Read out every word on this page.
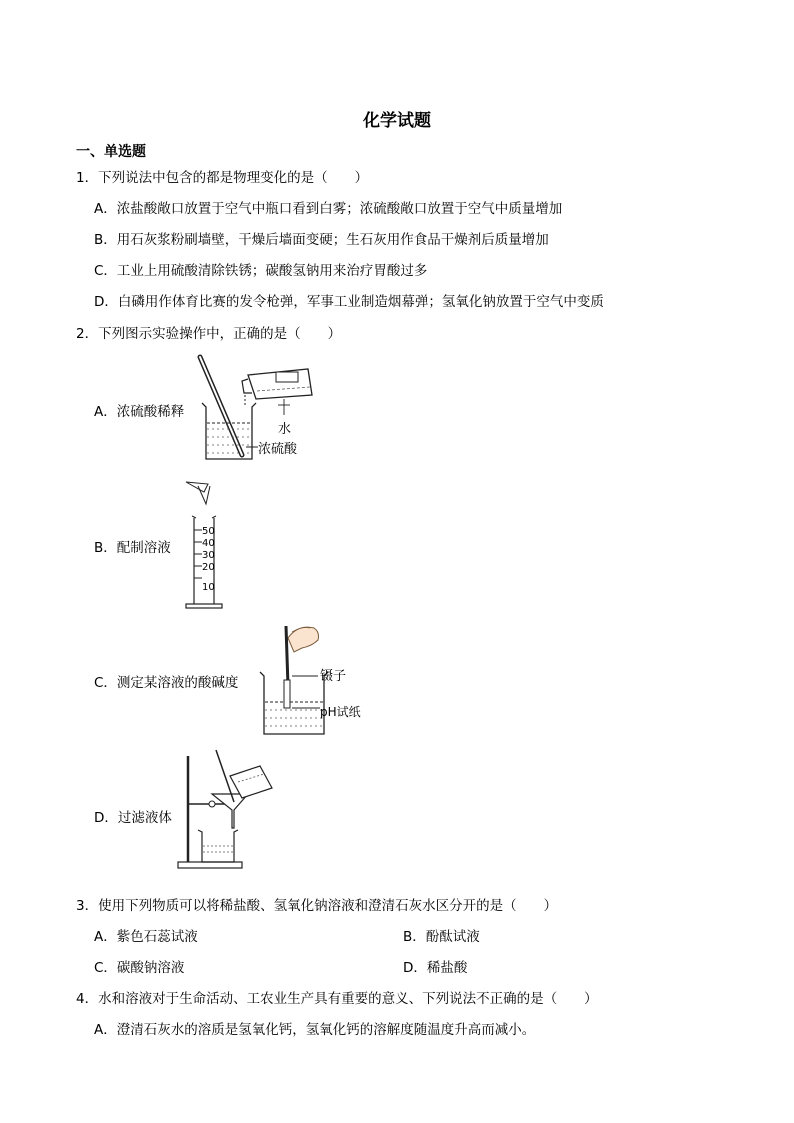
化学试题
一、单选题
1．下列说法中包含的都是物理变化的是（　　）
A．浓盐酸敞口放置于空气中瓶口看到白雾；浓硫酸敞口放置于空气中质量增加
B．用石灰浆粉刷墙壁，干燥后墙面变硬；生石灰用作食品干燥剂后质量增加
C．工业上用硫酸清除铁锈；碳酸氢钠用来治疗胃酸过多
D．白磷用作体育比赛的发令枪弹，军事工业制造烟幕弹；氢氧化钠放置于空气中变质
2．下列图示实验操作中，正确的是（　　）
A．浓硫酸稀释
水
浓硫酸
B．配制溶液
50
40
30
20
10
C．测定某溶液的酸碱度	镊子
pH试纸
D．过滤液体
3．使用下列物质可以将稀盐酸、氢氧化钠溶液和澄清石灰水区分开的是（　　）
A．紫色石蕊试液	B．酚酞试液
C．碳酸钠溶液	D．稀盐酸
4．水和溶液对于生命活动、工农业生产具有重要的意义、下列说法不正确的是（　　）
A．澄清石灰水的溶质是氢氧化钙，氢氧化钙的溶解度随温度升高而减小。
